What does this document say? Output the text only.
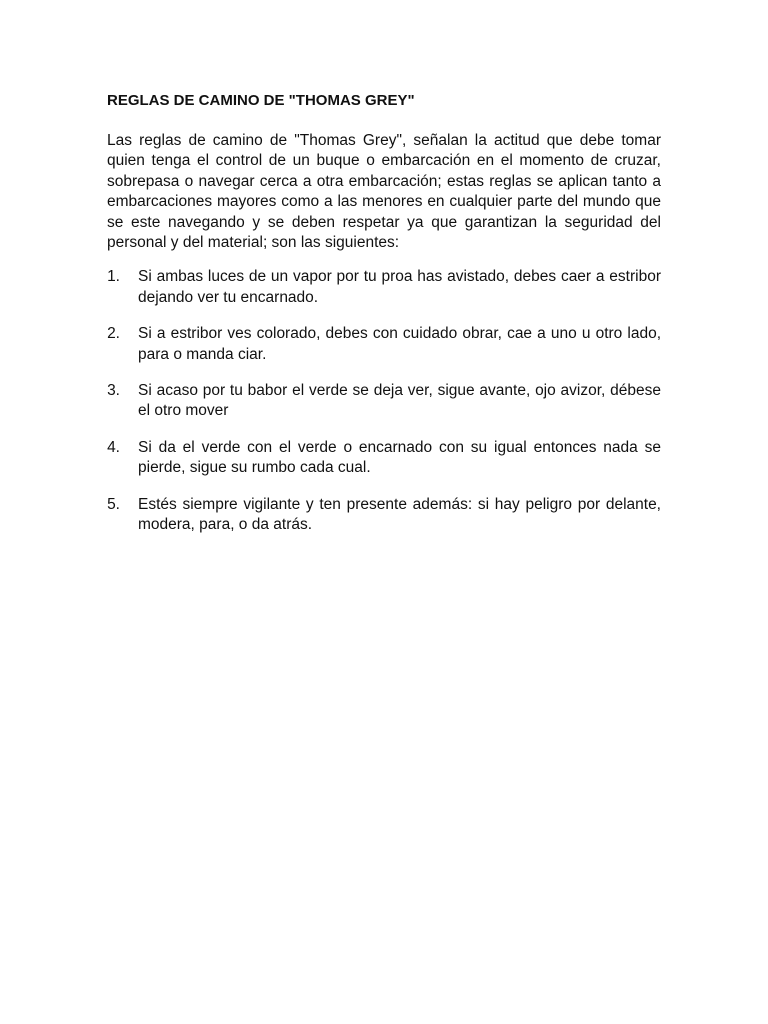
REGLAS DE CAMINO DE "THOMAS GREY"

Las reglas de camino de "Thomas Grey", señalan la actitud que debe tomar quien tenga el control de un buque o embarcación en el momento de cruzar, sobrepasa o navegar cerca a otra embarcación; estas reglas se aplican tanto a embarcaciones mayores como a las menores en cualquier parte del mundo que se este navegando y se deben respetar ya que garantizan la seguridad del personal y del material; son las siguientes:

1. Si ambas luces de un vapor por tu proa has avistado, debes caer a estribor dejando ver tu encarnado.
2. Si a estribor ves colorado, debes con cuidado obrar, cae a uno u otro lado, para o manda ciar.
3. Si acaso por tu babor el verde se deja ver, sigue avante, ojo avizor, débese el otro mover
4. Si da el verde con el verde o encarnado con su igual entonces nada se pierde, sigue su rumbo cada cual.
5. Estés siempre vigilante y ten presente además: si hay peligro por delante, modera, para, o da atrás.
